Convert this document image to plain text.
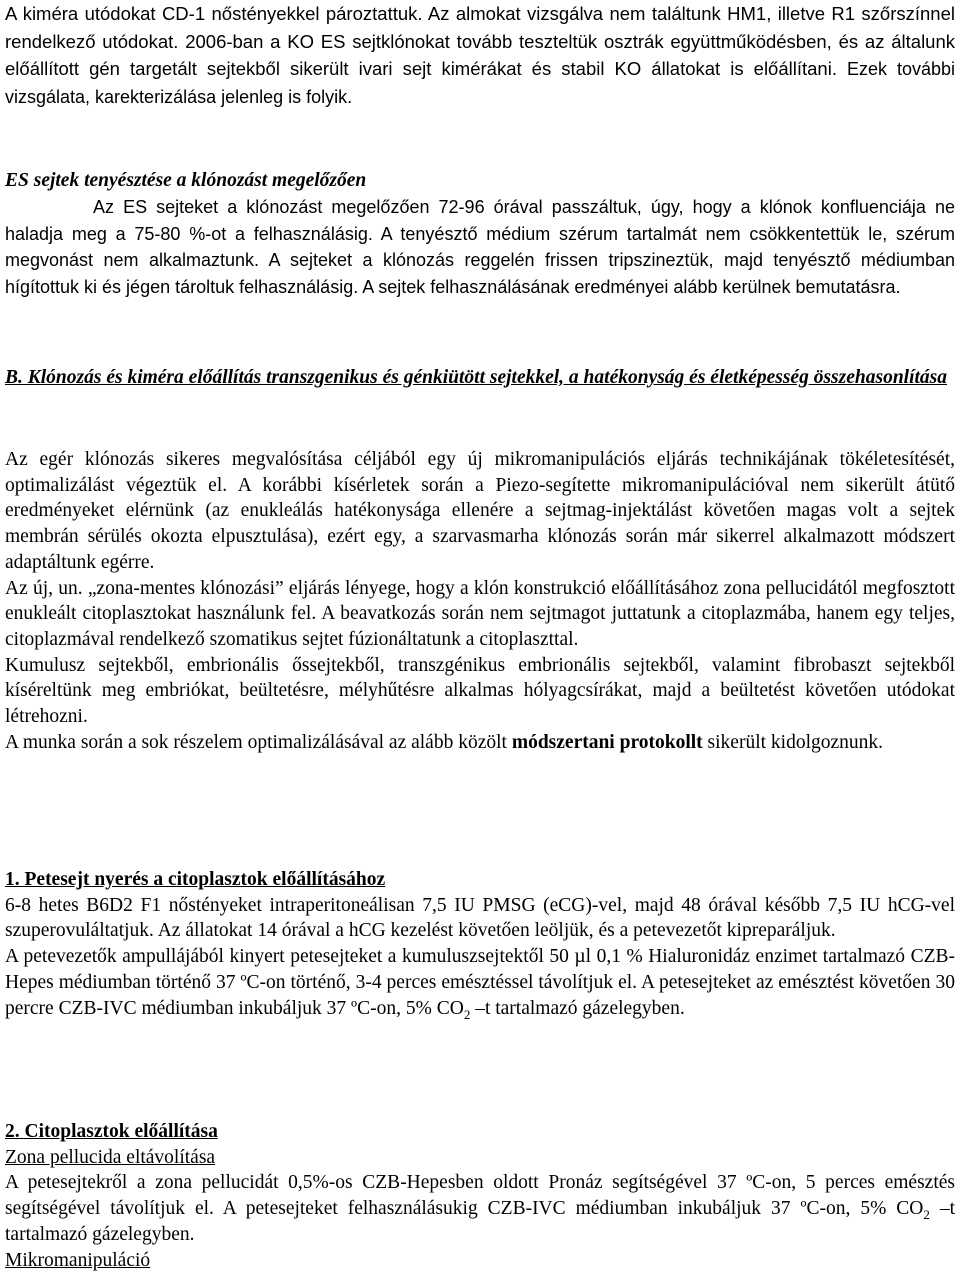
A kiméra utódokat CD-1 nőstényekkel pároztattuk. Az almokat vizsgálva nem találtunk HM1, illetve R1 szőrszínnel rendelkező utódokat. 2006-ban a KO ES sejtklónokat tovább teszteltük osztrák együttműködésben, és az általunk előállított gén targetált sejtekből sikerült ivari sejt kimérákat és stabil KO állatokat is előállítani. Ezek további vizsgálata, karekterizálása jelenleg is folyik.

ES sejtek tenyésztése a klónozást megelőzően

Az ES sejteket a klónozást megelőzően 72-96 órával passzáltuk, úgy, hogy a klónok konfluenciája ne haladja meg a 75-80 %-ot a felhasználásig. A tenyésztő médium szérum tartalmát nem csökkentettük le, szérum megvonást nem alkalmaztunk. A sejteket a klónozás reggelén frissen tripszineztük, majd tenyésztő médiumban hígítottuk ki és jégen tároltuk felhasználásig. A sejtek felhasználásának eredményei alább kerülnek bemutatásra.

B. Klónozás és kiméra előállítás transzgenikus és génkiütött sejtekkel, a hatékonyság és életképesség összehasonlítása

Az egér klónozás sikeres megvalósítása céljából egy új mikromanipulációs eljárás technikájának tökéletesítését, optimalizálást végeztük el. A korábbi kísérletek során a Piezo-segítette mikromanipulációval nem sikerült átütő eredményeket elérnünk (az enukleálás hatékonysága ellenére a sejtmag-injektálást követően magas volt a sejtek membrán sérülés okozta elpusztulása), ezért egy, a szarvasmarha klónozás során már sikerrel alkalmazott módszert adaptáltunk egérre.

Az új, un. „zona-mentes klónozási” eljárás lényege, hogy a klón konstrukció előállításához zona pellucidától megfosztott enukleált citoplasztokat használunk fel. A beavatkozás során nem sejtmagot juttatunk a citoplazmába, hanem egy teljes, citoplazmával rendelkező szomatikus sejtet fúzionáltatunk a citoplaszttal.

Kumulusz sejtekből, embrionális őssejtekből, transzgénikus embrionális sejtekből, valamint fibrobaszt sejtekből kíséreltünk meg embriókat, beültetésre, mélyhűtésre alkalmas hólyagcsírákat, majd a beültetést követően utódokat létrehozni.

A munka során a sok részelem optimalizálásával az alább közölt módszertani protokollt sikerült kidolgoznunk.

1. Petesejt nyerés a citoplasztok előállításához

6-8 hetes B6D2 F1 nőstényeket intraperitoneálisan 7,5 IU PMSG (eCG)-vel, majd 48 órával később 7,5 IU hCG-vel szuperovuláltatjuk. Az állatokat 14 órával a hCG kezelést követően leöljük, és a petevezetőt kipreparáljuk.

A petevezetők ampullájából kinyert petesejteket a kumuluszsejtektől 50 µl 0,1 % Hialuronidáz enzimet tartalmazó CZB-Hepes médiumban történő 37 ºC-on történő, 3-4 perces emésztéssel távolítjuk el. A petesejteket az emésztést követően 30 percre CZB-IVC médiumban inkubáljuk 37 ºC-on, 5% $CO_2$ –t tartalmazó gázelegyben.

2. Citoplasztok előállítása

Zona pellucida eltávolítása

A petesejtekről a zona pellucidát 0,5%-os CZB-Hepesben oldott Pronáz segítségével 37 ºC-on, 5 perces emésztés segítségével távolítjuk el. A petesejteket felhasználásukig CZB-IVC médiumban inkubáljuk 37 ºC-on, 5% $CO_2$ –t tartalmazó gázelegyben.

Mikromanipuláció
